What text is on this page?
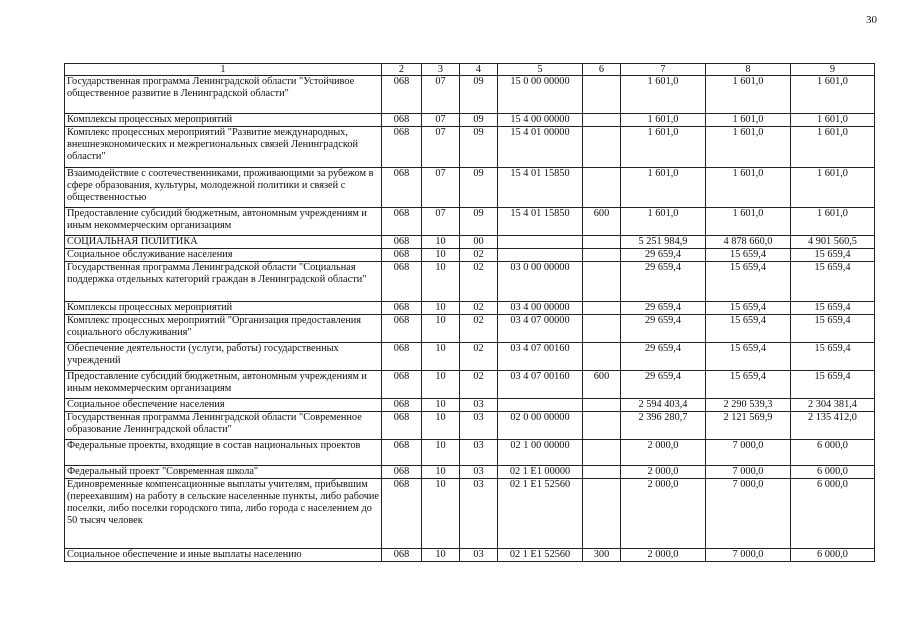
30
1	2	3	4	5	6	7	8	9
Государственная программа Ленинградской области "Устойчивое общественное развитие в Ленинградской области"	068	07	09	15 0 00 00000		1 601,0	1 601,0	1 601,0
Комплексы процессных мероприятий	068	07	09	15 4 00 00000		1 601,0	1 601,0	1 601,0
Комплекс процессных мероприятий "Развитие международных, внешнеэкономических и межрегиональных связей Ленинградской области"	068	07	09	15 4 01 00000		1 601,0	1 601,0	1 601,0
Взаимодействие с соотечественниками, проживающими за рубежом в сфере образования, культуры, молодежной политики и связей с общественностью	068	07	09	15 4 01 15850		1 601,0	1 601,0	1 601,0
Предоставление субсидий бюджетным, автономным учреждениям и иным некоммерческим организациям	068	07	09	15 4 01 15850	600	1 601,0	1 601,0	1 601,0
СОЦИАЛЬНАЯ ПОЛИТИКА	068	10	00			5 251 984,9	4 878 660,0	4 901 560,5
Социальное обслуживание населения	068	10	02			29 659,4	15 659,4	15 659,4
Государственная программа Ленинградской области "Социальная поддержка отдельных категорий граждан в Ленинградской области"	068	10	02	03 0 00 00000		29 659,4	15 659,4	15 659,4
Комплексы процессных мероприятий	068	10	02	03 4 00 00000		29 659,4	15 659,4	15 659,4
Комплекс процессных мероприятий "Организация предоставления социального обслуживания"	068	10	02	03 4 07 00000		29 659,4	15 659,4	15 659,4
Обеспечение деятельности (услуги, работы) государственных учреждений	068	10	02	03 4 07 00160		29 659,4	15 659,4	15 659,4
Предоставление субсидий бюджетным, автономным учреждениям и иным некоммерческим организациям	068	10	02	03 4 07 00160	600	29 659,4	15 659,4	15 659,4
Социальное обеспечение населения	068	10	03			2 594 403,4	2 290 539,3	2 304 381,4
Государственная программа Ленинградской области "Современное образование Ленинградской области"	068	10	03	02 0 00 00000		2 396 280,7	2 121 569,9	2 135 412,0
Федеральные проекты, входящие в состав национальных проектов	068	10	03	02 1 00 00000		2 000,0	7 000,0	6 000,0
Федеральный проект "Современная школа"	068	10	03	02 1 E1 00000		2 000,0	7 000,0	6 000,0
Единовременные компенсационные выплаты учителям, прибывшим (переехавшим) на работу в сельские населенные пункты, либо рабочие поселки, либо поселки городского типа, либо города с населением до 50 тысяч человек	068	10	03	02 1 E1 52560		2 000,0	7 000,0	6 000,0
Социальное обеспечение и иные выплаты населению	068	10	03	02 1 E1 52560	300	2 000,0	7 000,0	6 000,0
